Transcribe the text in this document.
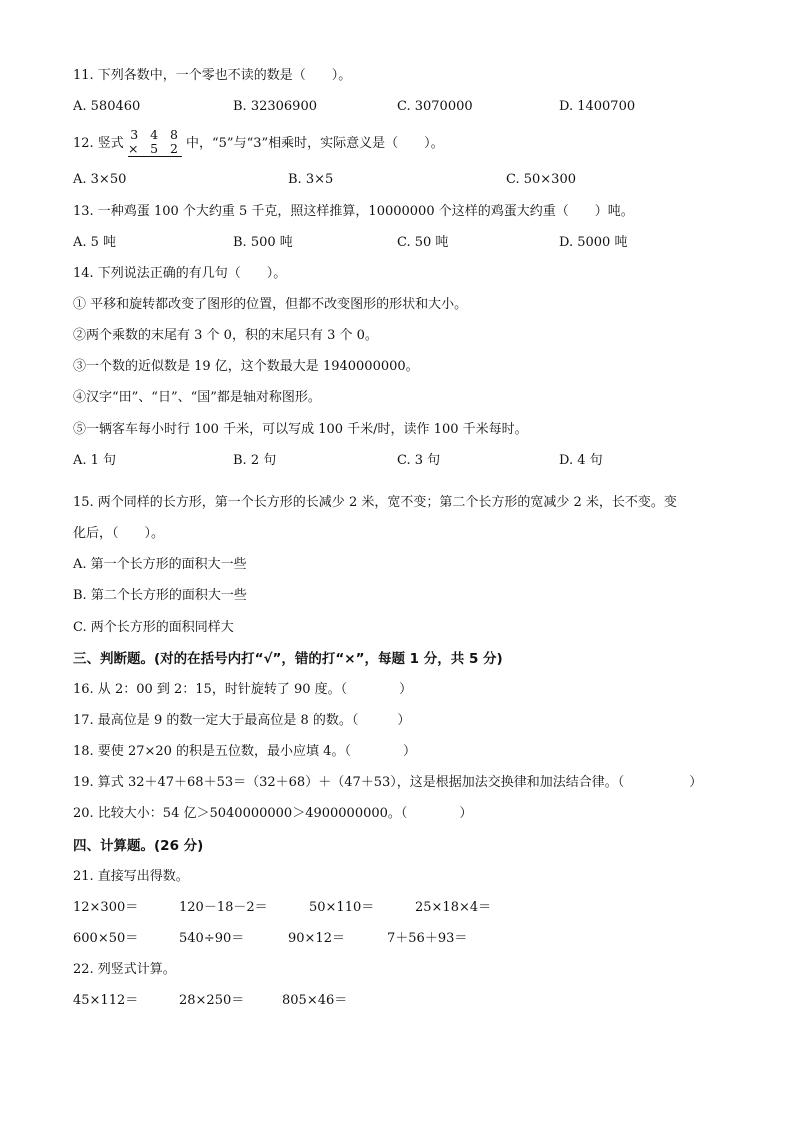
11. 下列各数中，一个零也不读的数是（　　）。
A. 580460	B. 32306900	C. 3070000	D. 1400700
12. 竖式
3 4 8
× 5 2 中，“5”与“3”相乘时，实际意义是（　　）。
A. 3×50	B. 3×5	C. 50×300
13. 一种鸡蛋 100 个大约重 5 千克，照这样推算，10000000 个这样的鸡蛋大约重（　　）吨。
A. 5 吨	B. 500 吨	C. 50 吨	D. 5000 吨
14. 下列说法正确的有几句（　　）。
① 平移和旋转都改变了图形的位置，但都不改变图形的形状和大小。
②两个乘数的末尾有 3 个 0，积的末尾只有 3 个 0。
③一个数的近似数是 19 亿，这个数最大是 1940000000。
④汉字“田”、“日”、“国”都是轴对称图形。
⑤一辆客车每小时行 100 千米，可以写成 100 千米/时，读作 100 千米每时。
A. 1 句	B. 2 句	C. 3 句	D. 4 句
15. 两个同样的长方形，第一个长方形的长减少 2 米，宽不变；第二个长方形的宽减少 2 米，长不变。变
化后，（　　）。
A. 第一个长方形的面积大一些
B. 第二个长方形的面积大一些
C. 两个长方形的面积同样大
三、判断题。(对的在括号内打“√”，错的打“×”，每题 1 分，共 5 分)
16. 从 2：00 到 2：15，时针旋转了 90 度。（　　　　）
17. 最高位是 9 的数一定大于最高位是 8 的数。（　　　）
18. 要使 27×20 的积是五位数，最小应填 4。（　　　　）
19. 算式 32＋47＋68＋53＝（32＋68）＋（47＋53），这是根据加法交换律和加法结合律。（　　　　　）
20. 比较大小：54 亿＞5040000000＞4900000000。（　　　　）
四、计算题。(26 分)
21. 直接写出得数。
12×300＝	120－18－2＝	50×110＝	25×18×4＝
600×50＝	540÷90＝	90×12＝	7＋56＋93＝
22. 列竖式计算。
45×112＝	28×250＝	805×46＝
